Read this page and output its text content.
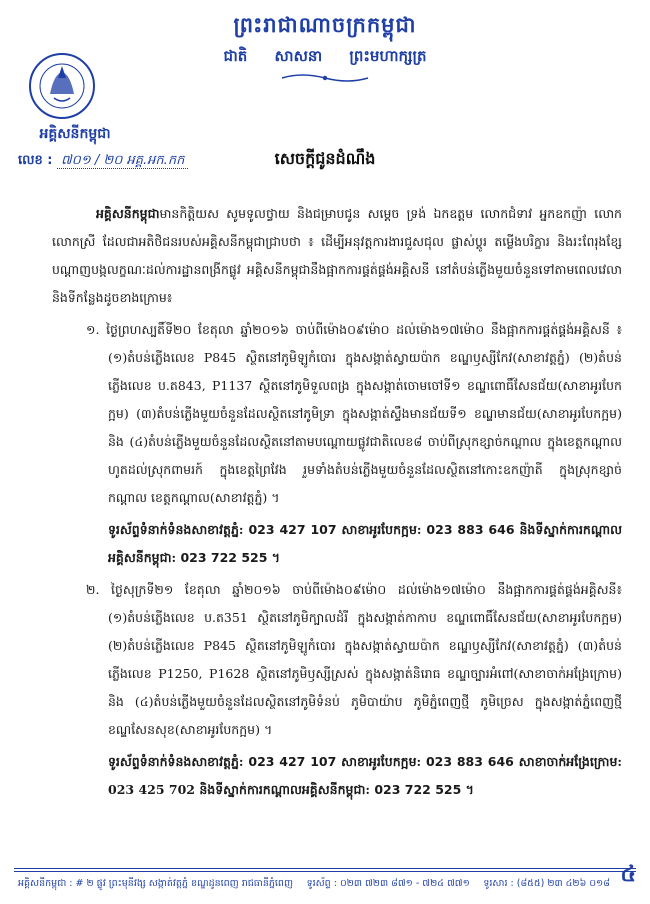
ព្រះរាជាណាចក្រកម្ពុជា
ជាតិ សាសនា ព្រះមហាក្សត្រ
អគ្គិសនីកម្ពុជា
លេខ : ៧០១ / ២០ អគ្គ.អក.កក	សេចក្តីជូនដំណឹង

អគ្គិសនីកម្ពុជាមានកិត្តិយស សូមទូលថ្វាយ និងជម្រាបជូន សម្តេច ទ្រង់ ឯកឧត្តម លោកជំទាវ អ្នកឧកញ៉ា លោក លោកស្រី ដែលជាអតិថិជនរបស់អគ្គិសនីកម្ពុជាជ្រាបថា ៖ ដើម្បីអនុវត្តការងារជួសជុល ផ្លាស់ប្តូរ តម្លើងបរិក្ខារ និងរះពែរុងខ្សែបណ្តាញបង្កលក្ខណៈដល់ការដ្ឋានពង្រីកផ្លូវ អគ្គិសនីកម្ពុជានឹងផ្អាកការផ្គត់ផ្គង់អគ្គិសនី នៅតំបន់ភ្លើងមួយចំនួនទៅតាមពេលវេលា និងទីកន្លែងដូចខាងក្រោម៖

១. ថ្ងៃព្រហស្បតិ៍ទី២០ ខែតុលា ឆ្នាំ២០១៦ ចាប់ពីម៉ោង០៩ម៉ោ០ ដល់ម៉ោង១៧ម៉ោ០ នឹងផ្អាកការផ្គត់ផ្គង់អគ្គិសនី ៖ (១)តំបន់ភ្លើងលេខ P845 ស្ថិតនៅភូមិឡូកំបោរ ក្នុងសង្កាត់ស្វាយប៉ាក ខណ្ឌឫស្សីកែវ(សាខាវត្តភ្នំ) (២)តំបន់ភ្លើងលេខ ប.ត843, P1137 ស្ថិតនៅភូមិទួលពង្រ ក្នុងសង្កាត់ចោមចៅទី១ ខណ្ឌពោធិ៍សែនជ័យ(សាខាអូរបែកក្អម) (៣)តំបន់ភ្លើងមួយចំនួនដែលស្ថិតនៅភូមិទ្រា ក្នុងសង្កាត់ស្ទឹងមានជ័យទី១ ខណ្ឌមានជ័យ(សាខាអូរបែកក្អម) និង (៤)តំបន់ភ្លើងមួយចំនួនដែលស្ថិតនៅតាមបណ្តោយផ្លូវជាតិលេខ៨ ចាប់ពីស្រុកខ្សាច់កណ្តាល ក្នុងខេត្តកណ្តាល ហូតដល់ស្រុកពាមរក៍ ក្នុងខេត្តព្រៃវែង រួមទាំងតំបន់ភ្លើងមួយចំនួនដែលស្ថិតនៅកោះឧកញ៉ាតី ក្នុងស្រុកខ្សាច់កណ្តាល ខេត្តកណ្តាល(សាខាវត្តភ្នំ) ។

ទូរស័ព្ទទំនាក់ទំនងសាខាវត្តភ្នំ: 023 427 107 សាខាអូរបែកក្អម: 023 883 646 និងទីស្នាក់ការកណ្តាលអគ្គិសនីកម្ពុជា: 023 722 525 ។

២. ថ្ងៃសុក្រទី២១ ខែតុលា ឆ្នាំ២០១៦ ចាប់ពីម៉ោង០៩ម៉ោ០ ដល់ម៉ោង១៧ម៉ោ០ នឹងផ្អាកការផ្គត់ផ្គង់អគ្គិសនី៖ (១)តំបន់ភ្លើងលេខ ប.ត351 ស្ថិតនៅភូមិក្បាលដំរី ក្នុងសង្កាត់កាកាប ខណ្ឌពោធិ៍សែនជ័យ(សាខាអូរបែកក្អម) (២)តំបន់ភ្លើងលេខ P845 ស្ថិតនៅភូមិឡូកំបោរ ក្នុងសង្កាត់ស្វាយប៉ាក ខណ្ឌឫស្សីកែវ(សាខាវត្តភ្នំ) (៣)តំបន់ភ្លើងលេខ P1250, P1628 ស្ថិតនៅភូមិឫស្សីស្រស់ ក្នុងសង្កាត់និរោធ ខណ្ឌច្បារអំពៅ(សាខាចាក់អង្រែក្រោម) និង (៤)តំបន់ភ្លើងមួយចំនួនដែលស្ថិតនៅភូមិទំនប់ ភូមិបាយ៉ាប ភូមិភ្នំពេញថ្មី ភូមិច្រេស ក្នុងសង្កាត់ភ្នំពេញថ្មី ខណ្ឌសែនសុខ(សាខាអូរបែកក្អម) ។

ទូរស័ព្ទទំនាក់ទំនងសាខាវត្តភ្នំ: 023 427 107 សាខាអូរបែកក្អម: 023 883 646 សាខាចាក់អង្រែក្រោម: 023 425 702 និងទីស្នាក់ការកណ្តាលអគ្គិសនីកម្ពុជា: 023 722 525 ។

អគ្គិសនីកម្ពុជា : # ២ ផ្លូវ ព្រះមុនីវង្ស សង្កាត់វត្តភ្នំ ខណ្ឌដូនពេញ រាជធានីភ្នំពេញ ទូរស័ព្ទ : ០២៣ ៧២៣ ៨៧១ - ៧២៤ ៧៧១ ទូរសារ : (៨៥៥) ២៣ ៤២៦ ០១៨ ៤
